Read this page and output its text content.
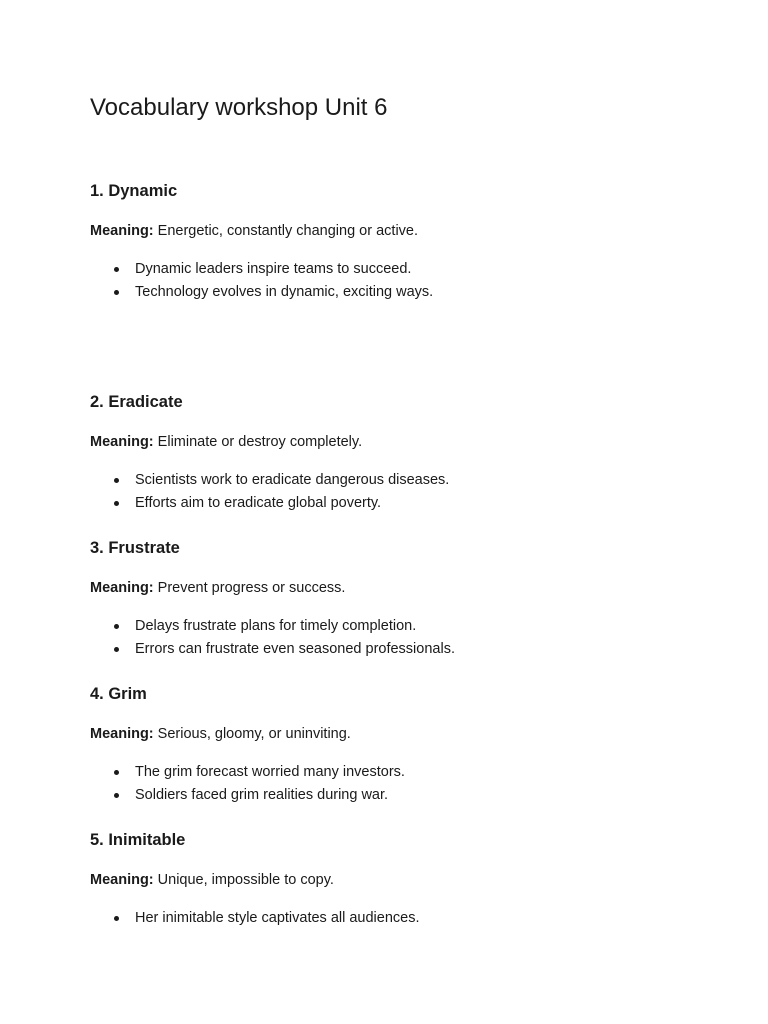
Vocabulary workshop Unit 6
1. Dynamic

Meaning: Energetic, constantly changing or active.

Dynamic leaders inspire teams to succeed.
Technology evolves in dynamic, exciting ways.
2. Eradicate

Meaning: Eliminate or destroy completely.

Scientists work to eradicate dangerous diseases.
Efforts aim to eradicate global poverty.
3. Frustrate

Meaning: Prevent progress or success.

Delays frustrate plans for timely completion.
Errors can frustrate even seasoned professionals.
4. Grim

Meaning: Serious, gloomy, or uninviting.

The grim forecast worried many investors.
Soldiers faced grim realities during war.
5. Inimitable

Meaning: Unique, impossible to copy.

Her inimitable style captivates all audiences.
